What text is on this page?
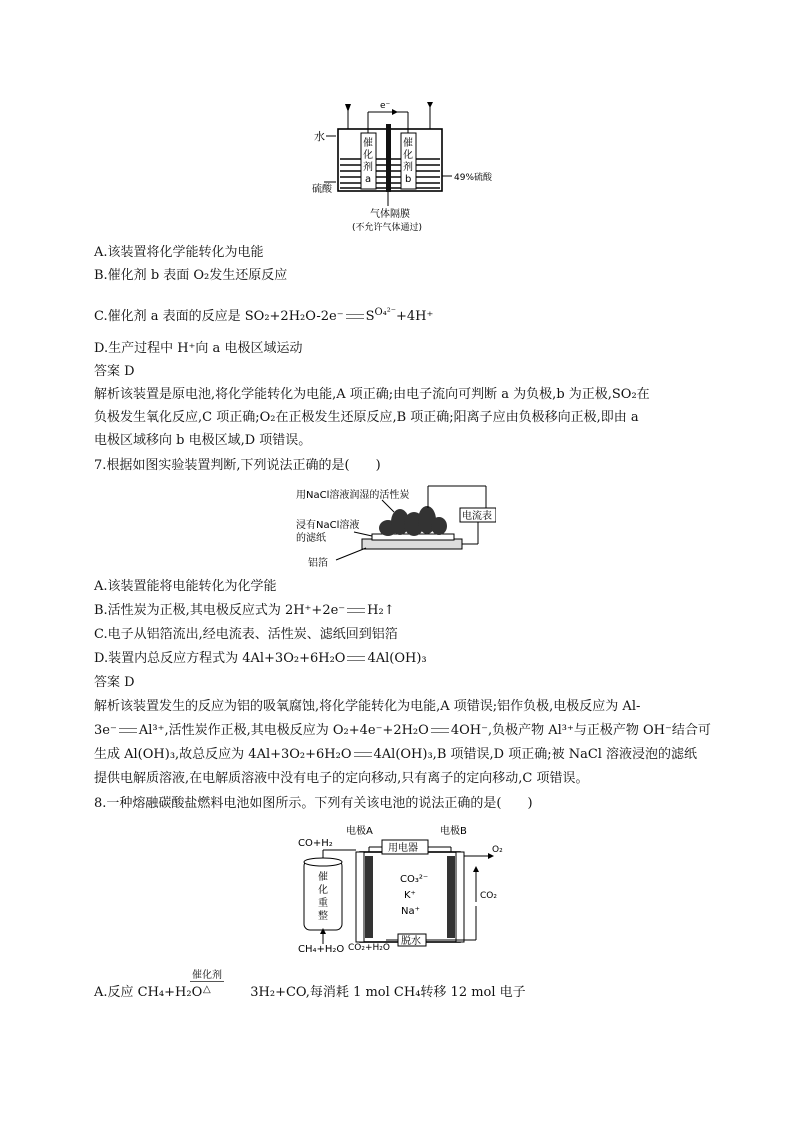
e⁻
水
硫酸
49%硫酸
催
化
剂
a
催
化
剂
b
气体隔膜
(不允许气体通过)
A.该装置将化学能转化为电能
B.催化剂 b 表面 O₂发生还原反应
C.催化剂 a 表面的反应是 SO₂+2H₂O-2e⁻ $S^{O_4^{2-}}+4H^+$
D.生产过程中 H⁺向 a 电极区域运动
答案 D
解析该装置是原电池,将化学能转化为电能,A 项正确;由电子流向可判断 a 为负极,b 为正极,SO₂在
负极发生氧化反应,C 项正确;O₂在正极发生还原反应,B 项正确;阳离子应由负极移向正极,即由 a
电极区域移向 b 电极区域,D 项错误。
7.根据如图实验装置判断,下列说法正确的是(　　)
用NaCl溶液润湿的活性炭
浸有NaCl溶液
的滤纸
铝箔
电流表
A.该装置能将电能转化为化学能
B.活性炭为正极,其电极反应式为 2H⁺+2e⁻ H₂↑
C.电子从铝箔流出,经电流表、活性炭、滤纸回到铝箔
D.装置内总反应方程式为 4Al+3O₂+6H₂O 4Al(OH)₃
答案 D
解析该装置发生的反应为铝的吸氧腐蚀,将化学能转化为电能,A 项错误;铝作负极,电极反应为 Al-
3e⁻ Al³⁺,活性炭作正极,其电极反应为 O₂+4e⁻+2H₂O 4OH⁻,负极产物 Al³⁺与正极产物 OH⁻结合可
生成 Al(OH)₃,故总反应为 4Al+3O₂+6H₂O 4Al(OH)₃,B 项错误,D 项正确;被 NaCl 溶液浸泡的滤纸
提供电解质溶液,在电解质溶液中没有电子的定向移动,只有离子的定向移动,C 项错误。
8.一种熔融碳酸盐燃料电池如图所示。下列有关该电池的说法正确的是(　　)
电极A	电极B
用电器
CO+H₂
O₂
CO₂
催
化
重
整
CH₄+H₂O CO₂+H₂O
脱水
CO₃²⁻
K⁺
Na⁺
催化剂
△
A.反应 CH₄+H₂O	3H₂+CO,每消耗 1 mol CH₄转移 12 mol 电子
